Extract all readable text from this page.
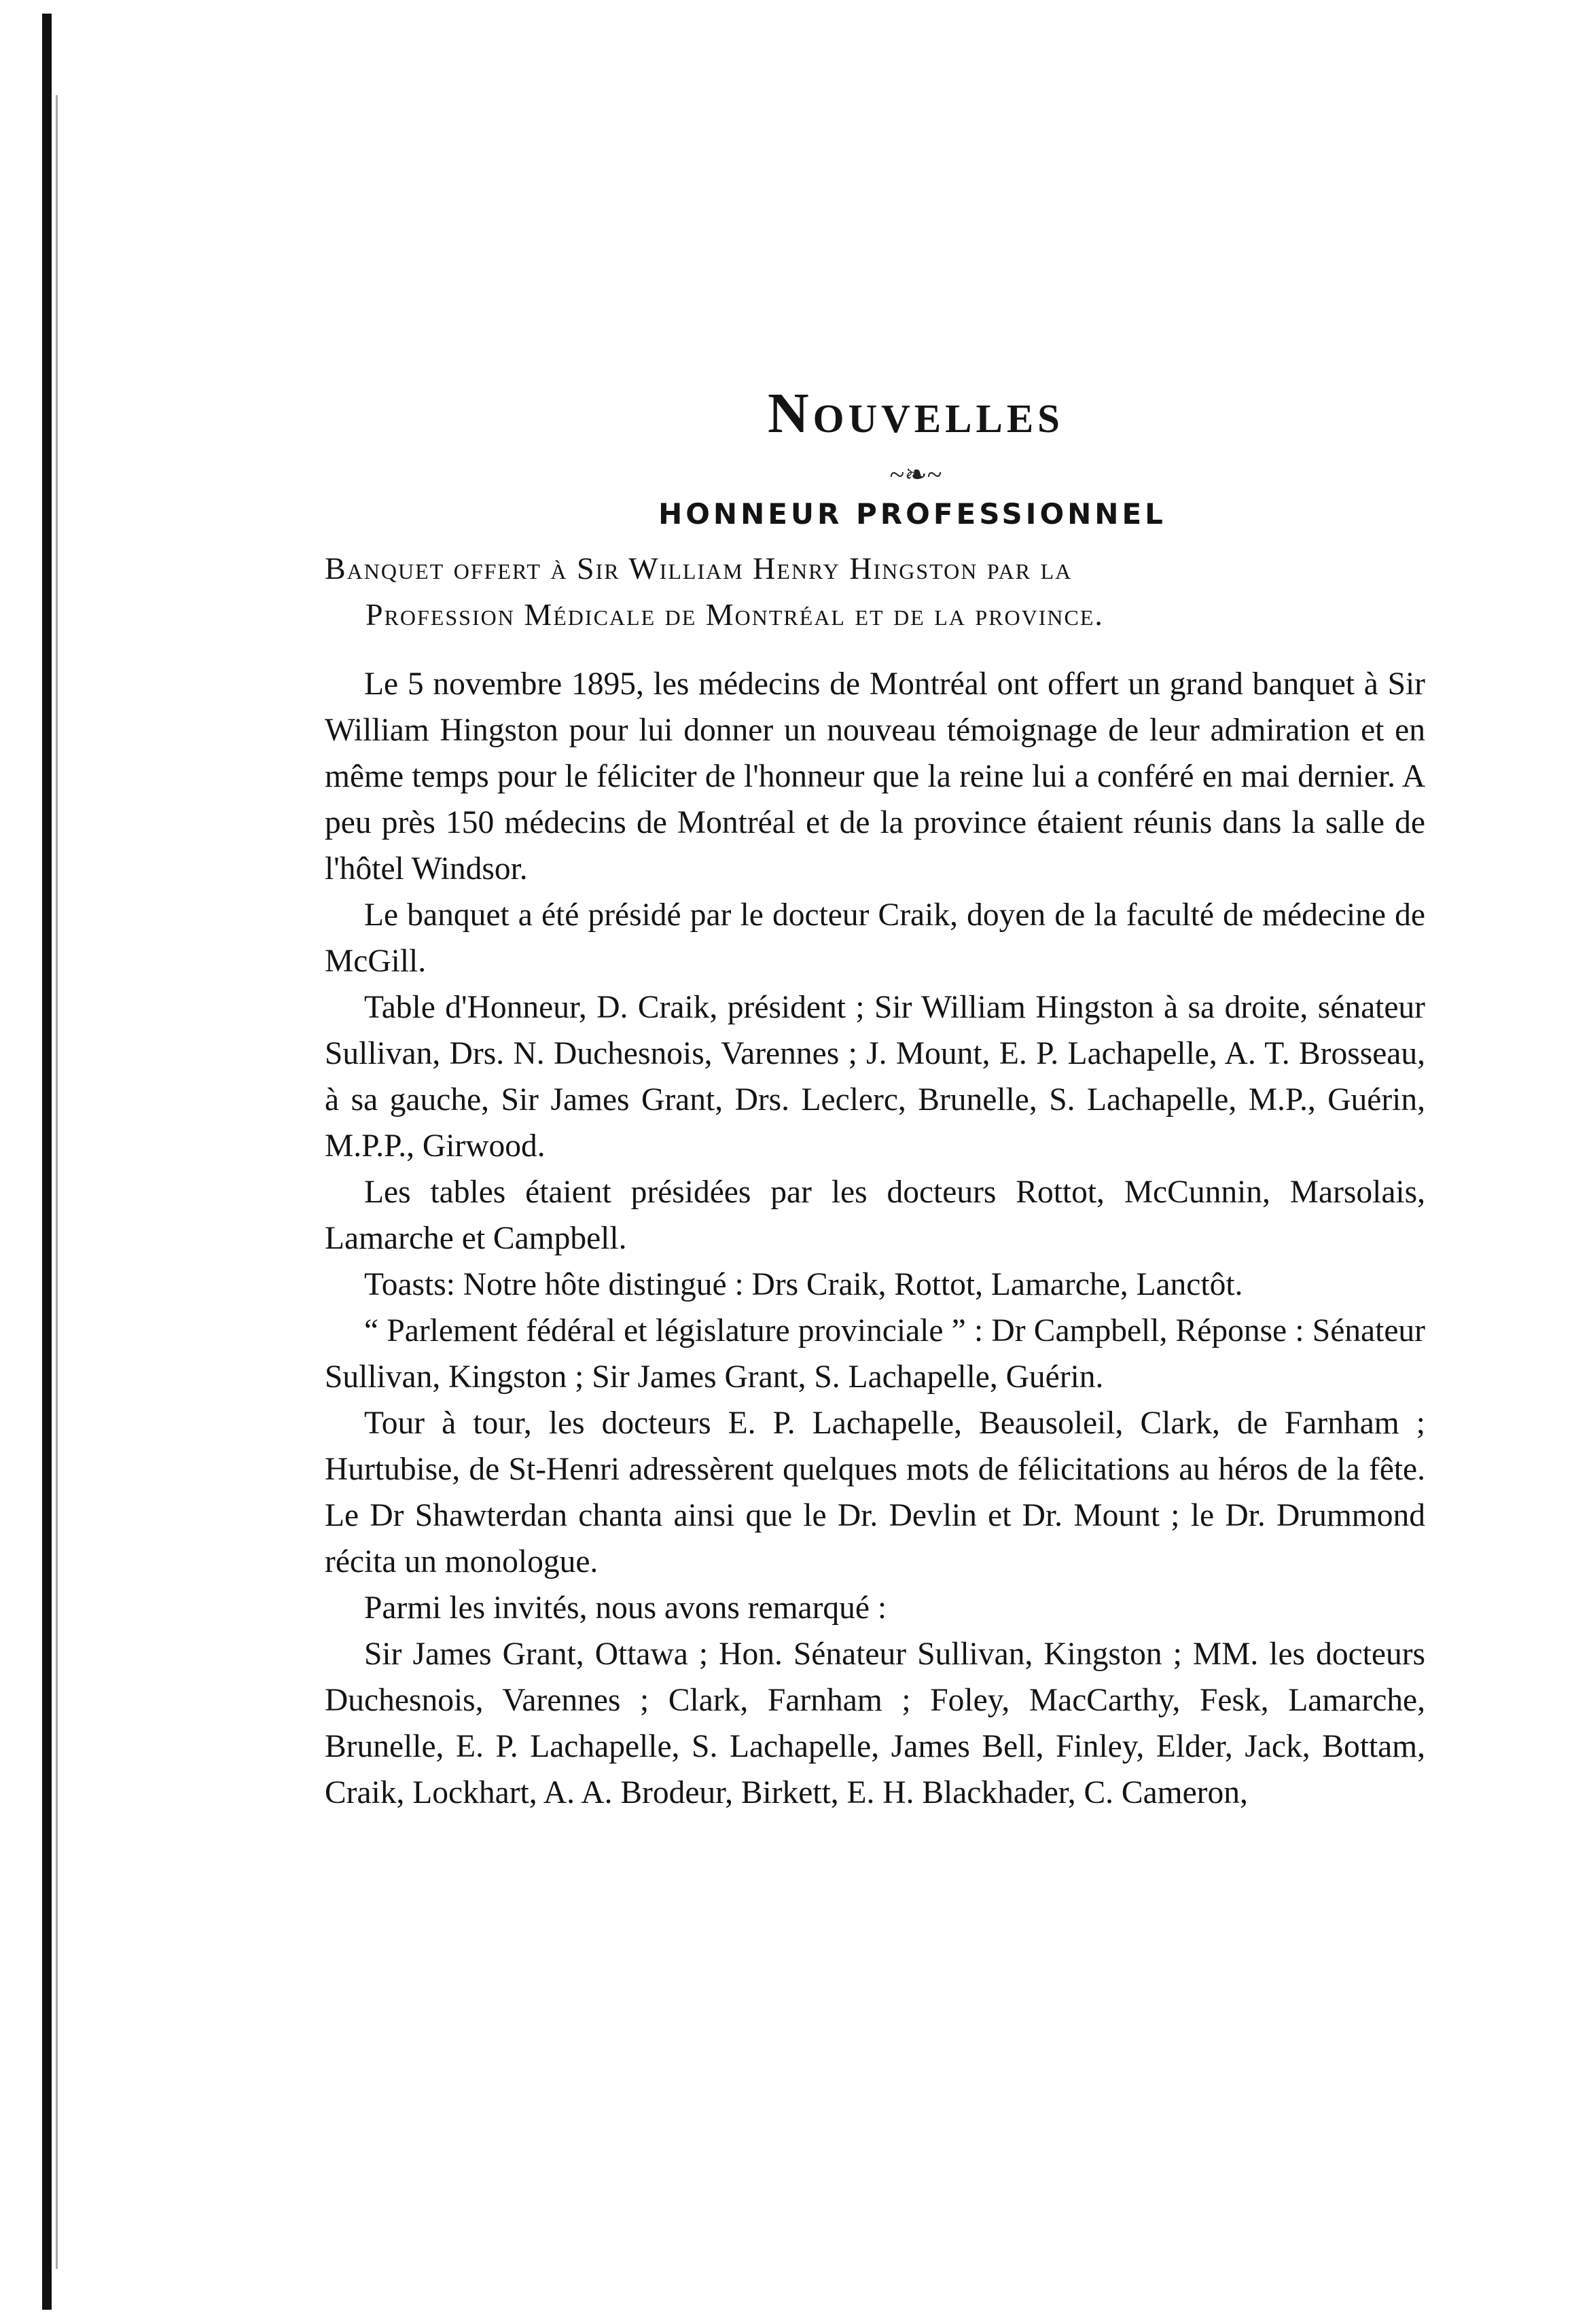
Nouvelles
~❧~
HONNEUR PROFESSIONNEL

Banquet offert à Sir William Henry Hingston par la
Profession Médicale de Montréal et de la province.

Le 5 novembre 1895, les médecins de Montréal ont offert un grand banquet à Sir William Hingston pour lui donner un nouveau témoignage de leur admiration et en même temps pour le féliciter de l'honneur que la reine lui a conféré en mai dernier. A peu près 150 médecins de Montréal et de la province étaient réunis dans la salle de l'hôtel Windsor.

Le banquet a été présidé par le docteur Craik, doyen de la faculté de médecine de McGill.

Table d'Honneur, D. Craik, président ; Sir William Hingston à sa droite, sénateur Sullivan, Drs. N. Duchesnois, Varennes ; J. Mount, E. P. Lachapelle, A. T. Brosseau, à sa gauche, Sir James Grant, Drs. Leclerc, Brunelle, S. Lachapelle, M.P., Guérin, M.P.P., Girwood.

Les tables étaient présidées par les docteurs Rottot, McCunnin, Marsolais, Lamarche et Campbell.

Toasts: Notre hôte distingué : Drs Craik, Rottot, Lamarche, Lanctôt.

“ Parlement fédéral et législature provinciale ” : Dr Campbell, Réponse : Sénateur Sullivan, Kingston ; Sir James Grant, S. Lachapelle, Guérin.

Tour à tour, les docteurs E. P. Lachapelle, Beausoleil, Clark, de Farnham ; Hurtubise, de St-Henri adressèrent quelques mots de félicitations au héros de la fête. Le Dr Shawterdan chanta ainsi que le Dr. Devlin et Dr. Mount ; le Dr. Drummond récita un monologue.

Parmi les invités, nous avons remarqué :

Sir James Grant, Ottawa ; Hon. Sénateur Sullivan, Kingston ; MM. les docteurs Duchesnois, Varennes ; Clark, Farnham ; Foley, MacCarthy, Fesk, Lamarche, Brunelle, E. P. Lachapelle, S. Lachapelle, James Bell, Finley, Elder, Jack, Bottam, Craik, Lockhart, A. A. Brodeur, Birkett, E. H. Blackhader, C. Cameron,
